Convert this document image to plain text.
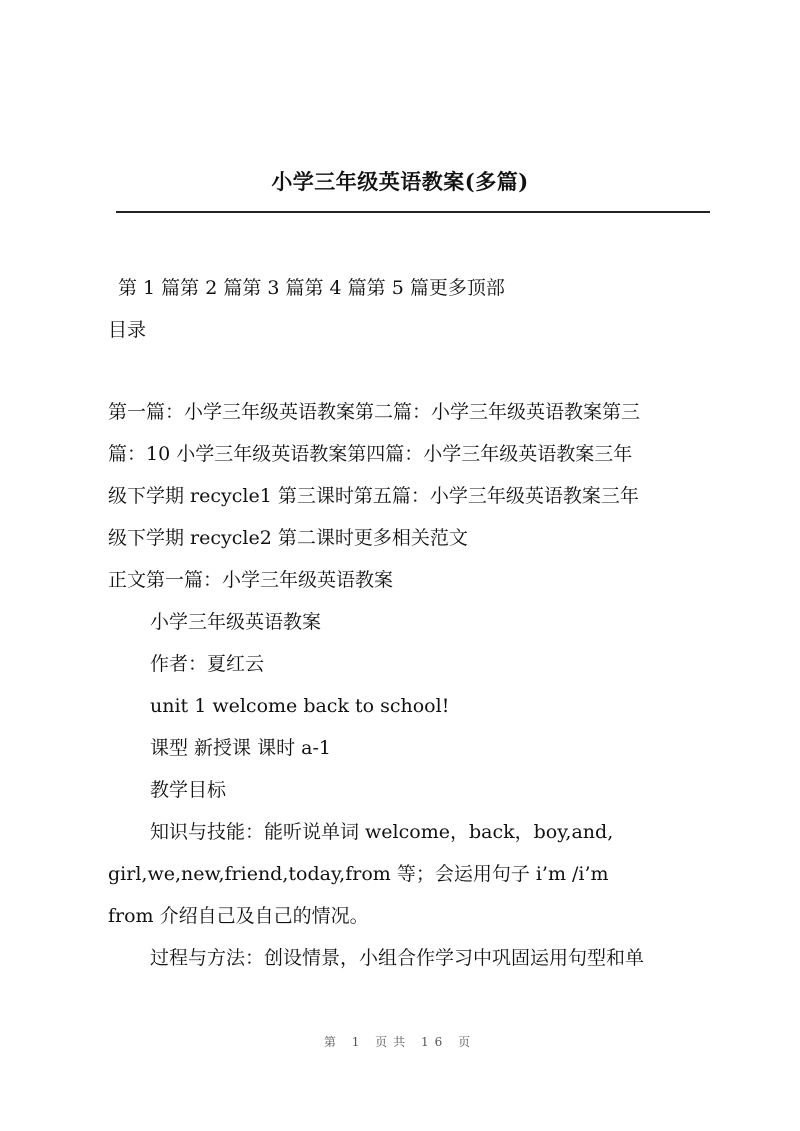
小学三年级英语教案(多篇)
第 1 篇第 2 篇第 3 篇第 4 篇第 5 篇更多顶部
目录
第一篇：小学三年级英语教案第二篇：小学三年级英语教案第三
篇：10 小学三年级英语教案第四篇：小学三年级英语教案三年
级下学期 recycle1 第三课时第五篇：小学三年级英语教案三年
级下学期 recycle2 第二课时更多相关范文
正文第一篇：小学三年级英语教案
小学三年级英语教案
作者：夏红云
unit 1 welcome back to school!
课型 新授课 课时 a-1
教学目标
知识与技能：能听说单词 welcome，back，boy,and,
girl,we,new,friend,today,from 等；会运用句子 i’m /i’m
from 介绍自己及自己的情况。
过程与方法：创设情景，小组合作学习中巩固运用句型和单
第 1 页共 16 页
